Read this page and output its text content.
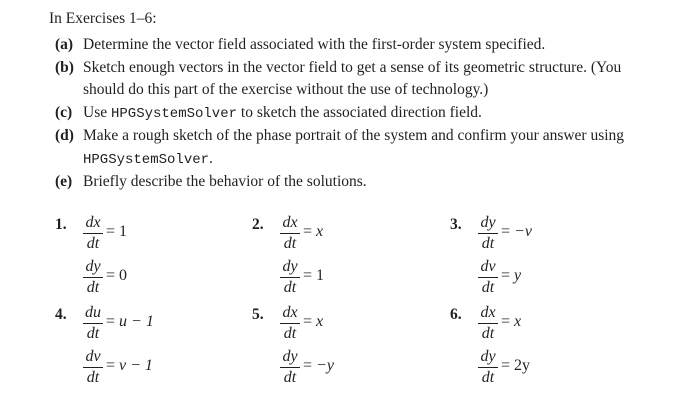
In Exercises 1–6:
(a) Determine the vector field associated with the first-order system specified.
(b) Sketch enough vectors in the vector field to get a sense of its geometric structure. (You should do this part of the exercise without the use of technology.)
(c) Use HPGSystemSolver to sketch the associated direction field.
(d) Make a rough sketch of the phase portrait of the system and confirm your answer using HPGSystemSolver.
(e) Briefly describe the behavior of the solutions.
1. dx
dt
= 1
dy
dt
= 0
2. dx
dt
= x
dy
dt
= 1
3. dy
dt
= −v
dv
dt
= y
4. du
dt
= u − 1
dv
dt
= v − 1
5. dx
dt
= x
dy
dt
= −y
6. dx
dt
= x
dy
dt
= 2y
